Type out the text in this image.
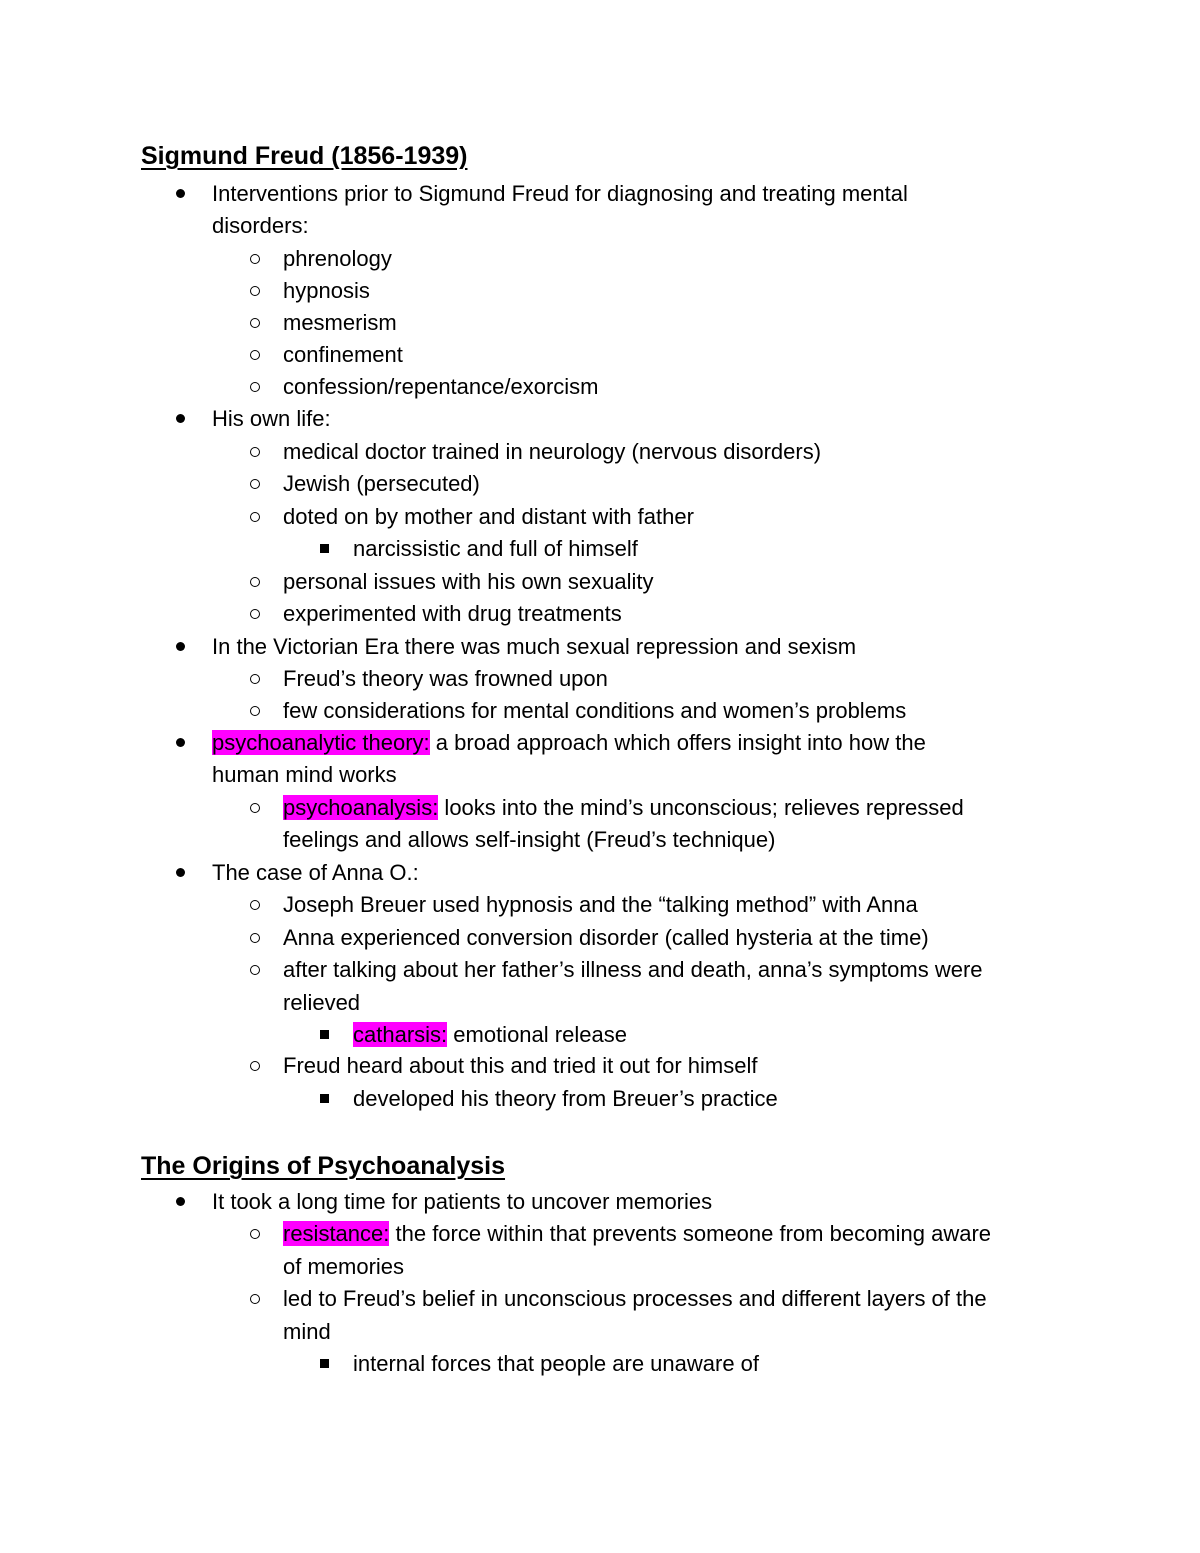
Sigmund Freud (1856-1939)
Interventions prior to Sigmund Freud for diagnosing and treating mental
disorders:
phrenology
hypnosis
mesmerism
confinement
confession/repentance/exorcism
His own life:
medical doctor trained in neurology (nervous disorders)
Jewish (persecuted)
doted on by mother and distant with father
narcissistic and full of himself
personal issues with his own sexuality
experimented with drug treatments
In the Victorian Era there was much sexual repression and sexism
Freud’s theory was frowned upon
few considerations for mental conditions and women’s problems
psychoanalytic theory: a broad approach which offers insight into how the
human mind works
psychoanalysis: looks into the mind’s unconscious; relieves repressed
feelings and allows self-insight (Freud’s technique)
The case of Anna O.:
Joseph Breuer used hypnosis and the “talking method” with Anna
Anna experienced conversion disorder (called hysteria at the time)
after talking about her father’s illness and death, anna’s symptoms were
relieved
catharsis: emotional release
Freud heard about this and tried it out for himself
developed his theory from Breuer’s practice
The Origins of Psychoanalysis
It took a long time for patients to uncover memories
resistance: the force within that prevents someone from becoming aware
of memories
led to Freud’s belief in unconscious processes and different layers of the
mind
internal forces that people are unaware of
